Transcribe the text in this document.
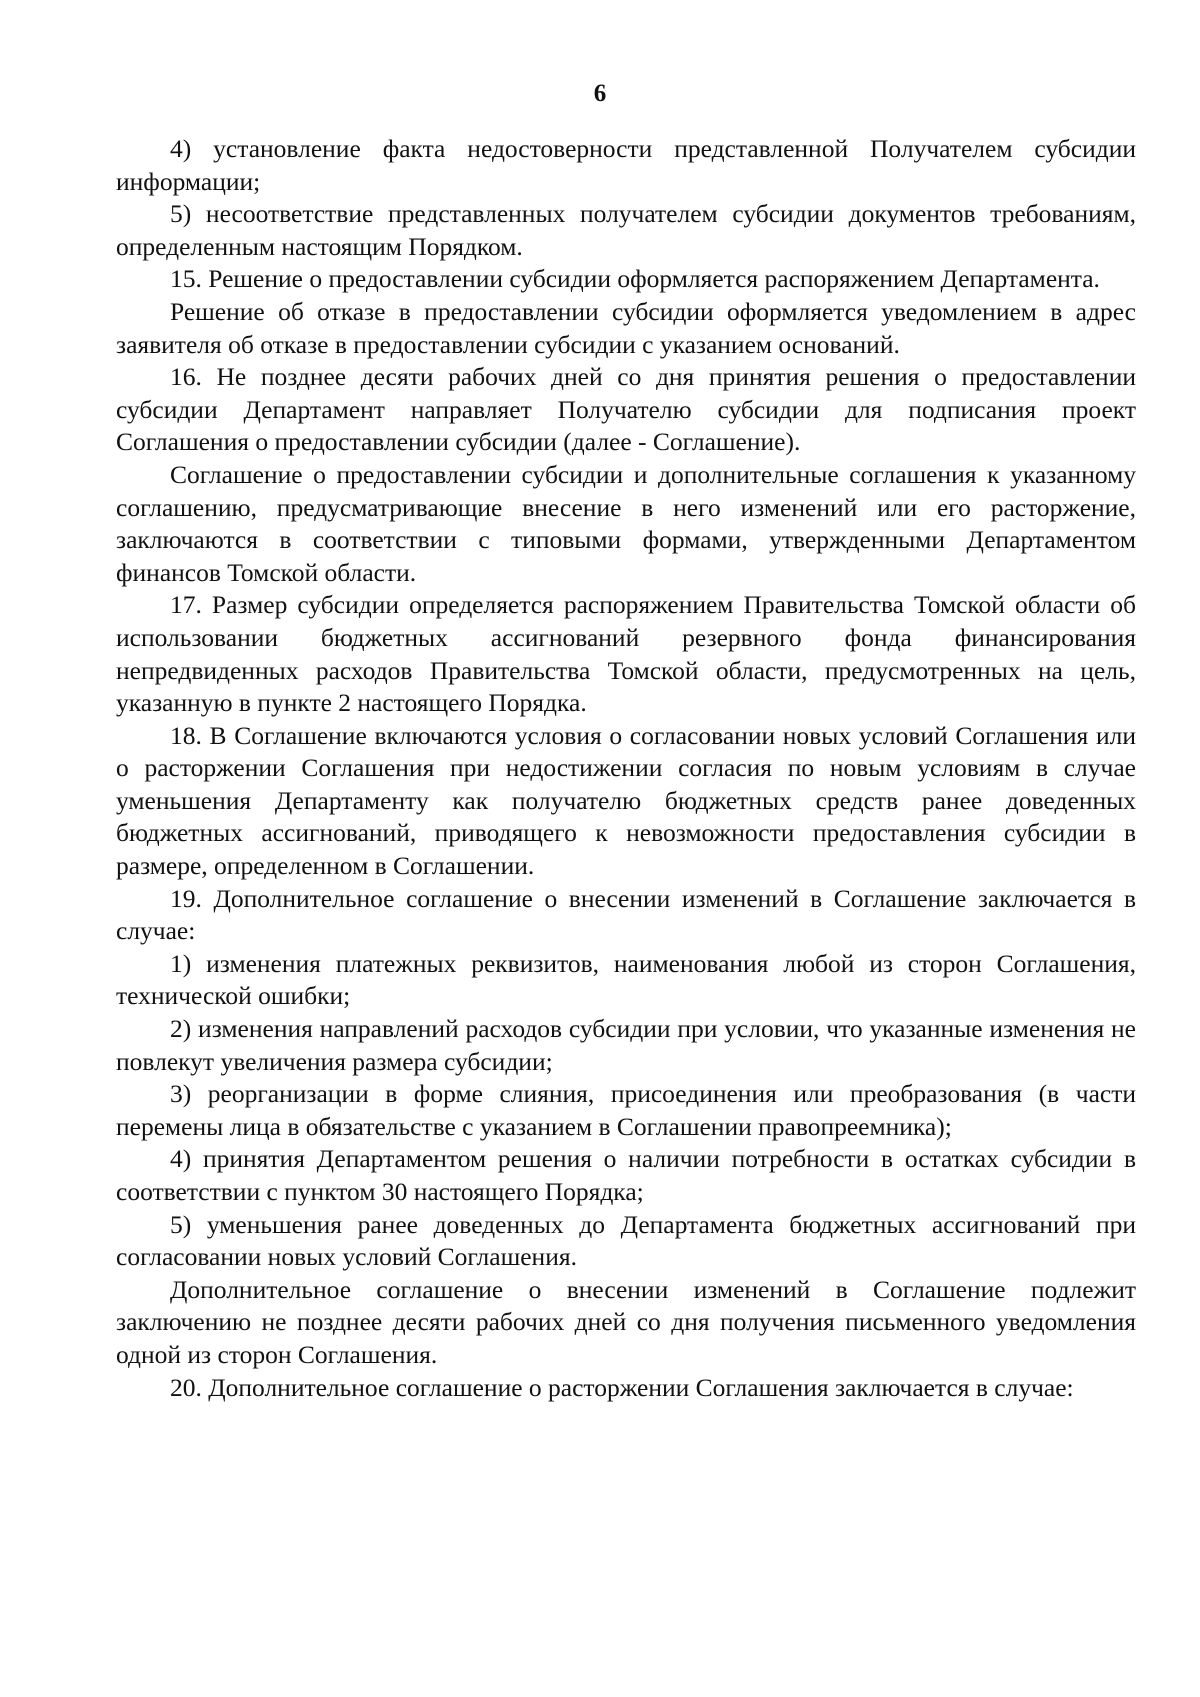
6

4) установление факта недостоверности представленной Получателем субсидии информации;

5) несоответствие представленных получателем субсидии документов требованиям, определенным настоящим Порядком.

15. Решение о предоставлении субсидии оформляется распоряжением Департамента.

Решение об отказе в предоставлении субсидии оформляется уведомлением в адрес заявителя об отказе в предоставлении субсидии с указанием оснований.

16. Не позднее десяти рабочих дней со дня принятия решения о предоставлении субсидии Департамент направляет Получателю субсидии для подписания проект Соглашения о предоставлении субсидии (далее - Соглашение).

Соглашение о предоставлении субсидии и дополнительные соглашения к указанному соглашению, предусматривающие внесение в него изменений или его расторжение, заключаются в соответствии с типовыми формами, утвержденными Департаментом финансов Томской области.

17. Размер субсидии определяется распоряжением Правительства Томской области об использовании бюджетных ассигнований резервного фонда финансирования непредвиденных расходов Правительства Томской области, предусмотренных на цель, указанную в пункте 2 настоящего Порядка.

18. В Соглашение включаются условия о согласовании новых условий Соглашения или о расторжении Соглашения при недостижении согласия по новым условиям в случае уменьшения Департаменту как получателю бюджетных средств ранее доведенных бюджетных ассигнований, приводящего к невозможности предоставления субсидии в размере, определенном в Соглашении.

19. Дополнительное соглашение о внесении изменений в Соглашение заключается в случае:

1) изменения платежных реквизитов, наименования любой из сторон Соглашения, технической ошибки;

2) изменения направлений расходов субсидии при условии, что указанные изменения не повлекут увеличения размера субсидии;

3) реорганизации в форме слияния, присоединения или преобразования (в части перемены лица в обязательстве с указанием в Соглашении правопреемника);

4) принятия Департаментом решения о наличии потребности в остатках субсидии в соответствии с пунктом 30 настоящего Порядка;

5) уменьшения ранее доведенных до Департамента бюджетных ассигнований при согласовании новых условий Соглашения.

Дополнительное соглашение о внесении изменений в Соглашение подлежит заключению не позднее десяти рабочих дней со дня получения письменного уведомления одной из сторон Соглашения.

20. Дополнительное соглашение о расторжении Соглашения заключается в случае:
